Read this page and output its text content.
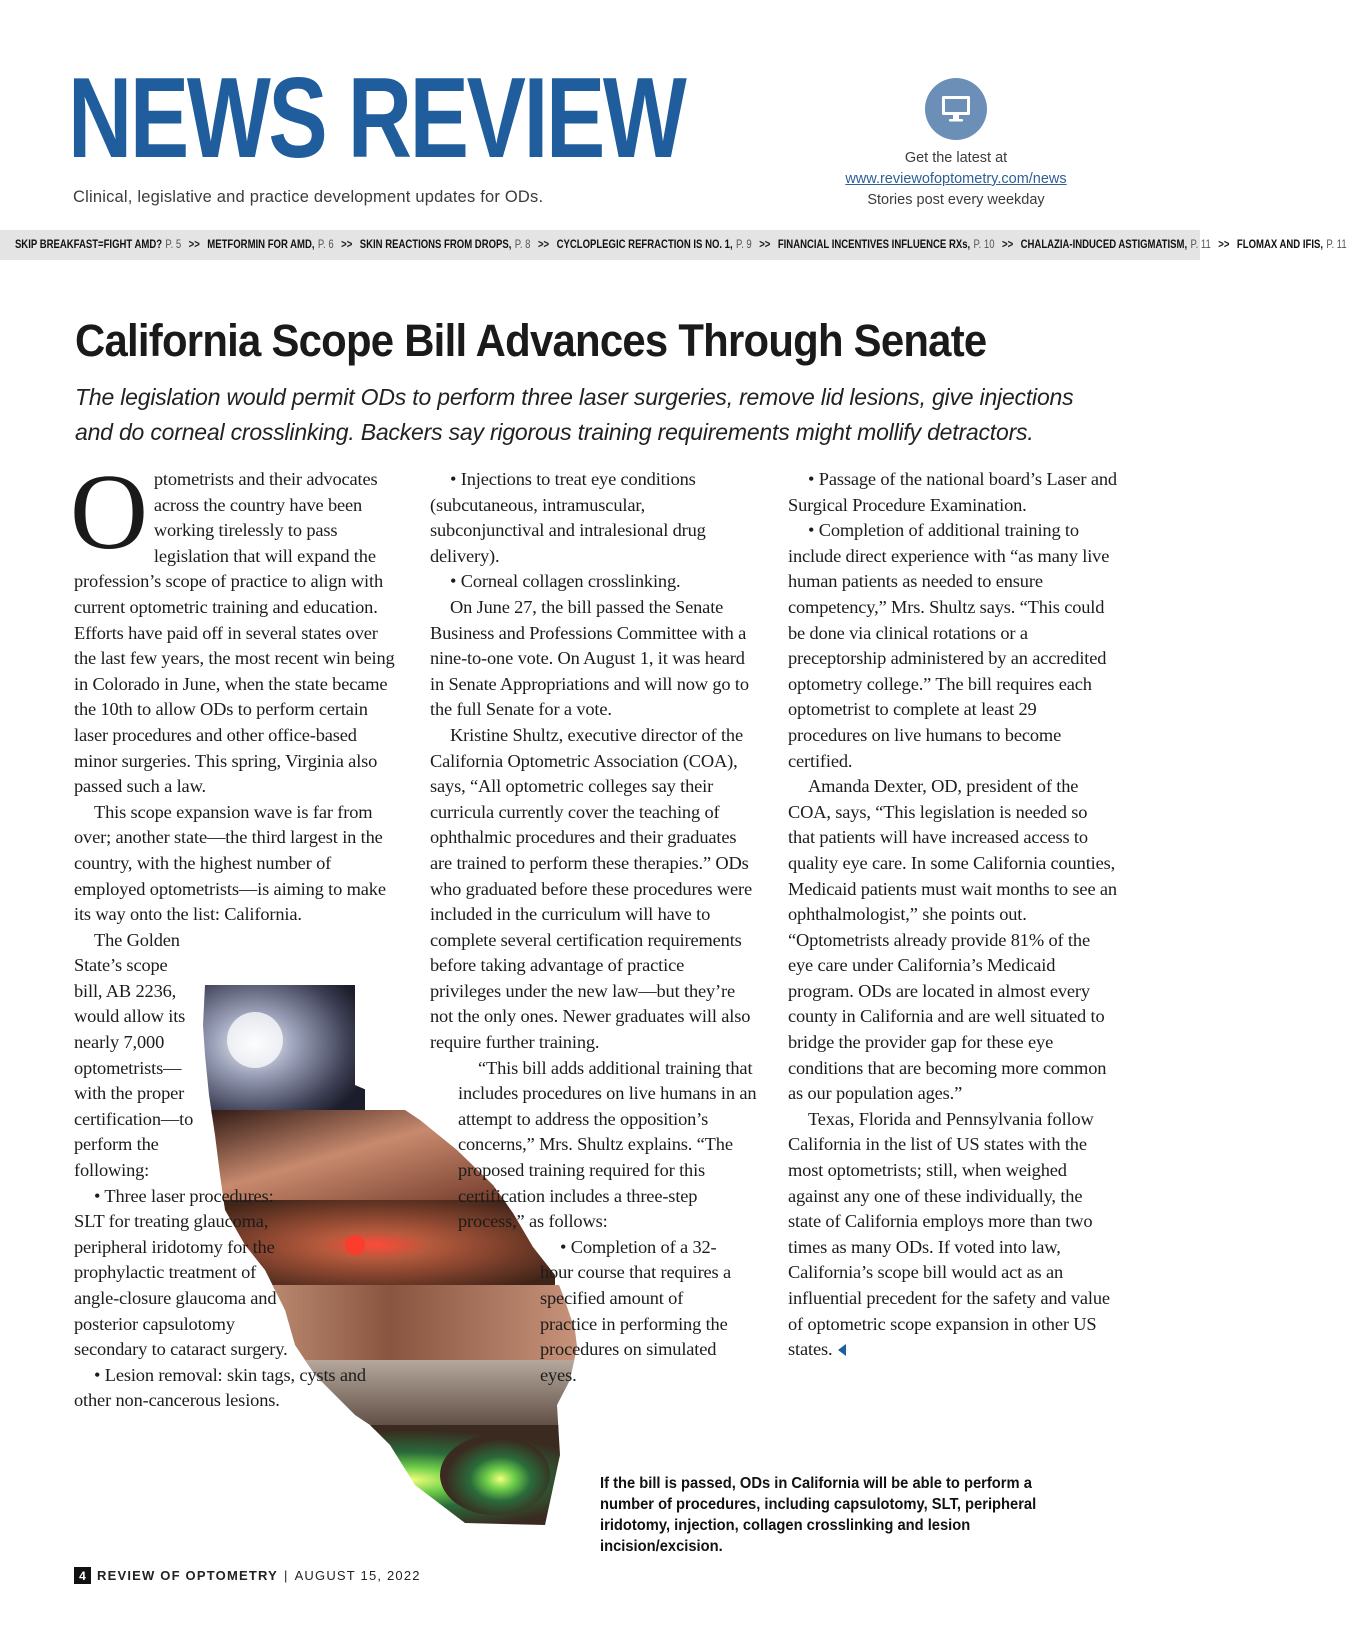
NEWS REVIEW
Clinical, legislative and practice development updates for ODs.
Get the latest at
www.reviewofoptometry.com/news
Stories post every weekday
SKIP BREAKFAST=FIGHT AMD? P. 5 >> METFORMIN FOR AMD, P. 6 >> SKIN REACTIONS FROM DROPS, P. 8 >> CYCLOPLEGIC REFRACTION IS NO. 1, P. 9 >> FINANCIAL INCENTIVES INFLUENCE RXs, P. 10 >> CHALAZIA-INDUCED ASTIGMATISM, P. 11 >> FLOMAX AND IFIS, P. 11
California Scope Bill Advances Through Senate
The legislation would permit ODs to perform three laser surgeries, remove lid lesions, give injections and do corneal crosslinking. Backers say rigorous training requirements might mollify detractors.

Optometrists and their advocates across the country have been working tirelessly to pass legislation that will expand the profession’s scope of practice to align with current optometric training and education. Efforts have paid off in several states over the last few years, the most recent win being in Colorado in June, when the state became the 10th to allow ODs to perform certain laser procedures and other office-based minor surgeries. This spring, Virginia also passed such a law.

This scope expansion wave is far from over; another state—the third largest in the country, with the highest number of employed optometrists—is aiming to make its way onto the list: California.

The Golden State’s scope bill, AB 2236, would allow its nearly 7,000 optometrists—with the proper certification—to perform the following:

• Three laser procedures: SLT for treating glaucoma, peripheral iridotomy for the prophylactic treatment of angle-closure glaucoma and posterior capsulotomy secondary to cataract surgery.

• Lesion removal: skin tags, cysts and other non-cancerous lesions.

• Injections to treat eye conditions (subcutaneous, intramuscular, subconjunctival and intralesional drug delivery).

• Corneal collagen crosslinking.

On June 27, the bill passed the Senate Business and Professions Committee with a nine-to-one vote. On August 1, it was heard in Senate Appropriations and will now go to the full Senate for a vote.

Kristine Shultz, executive director of the California Optometric Association (COA), says, “All optometric colleges say their curricula currently cover the teaching of ophthalmic procedures and their graduates are trained to perform these therapies.” ODs who graduated before these procedures were included in the curriculum will have to complete several certification requirements before taking advantage of practice privileges under the new law—but they’re not the only ones. Newer graduates will also require further training.

“This bill adds additional training that includes procedures on live humans in an attempt to address the opposition’s concerns,” Mrs. Shultz explains. “The proposed training required for this certification includes a three-step process,” as follows:

• Completion of a 32-hour course that requires a specified amount of practice in performing the procedures on simulated eyes.

• Passage of the national board’s Laser and Surgical Procedure Examination.

• Completion of additional training to include direct experience with “as many live human patients as needed to ensure competency,” Mrs. Shultz says. “This could be done via clinical rotations or a preceptorship administered by an accredited optometry college.” The bill requires each optometrist to complete at least 29 procedures on live humans to become certified.

Amanda Dexter, OD, president of the COA, says, “This legislation is needed so that patients will have increased access to quality eye care. In some California counties, Medicaid patients must wait months to see an ophthalmologist,” she points out. “Optometrists already provide 81% of the eye care under California’s Medicaid program. ODs are located in almost every county in California and are well situated to bridge the provider gap for these eye conditions that are becoming more common as our population ages.”

Texas, Florida and Pennsylvania follow California in the list of US states with the most optometrists; still, when weighed against any one of these individually, the state of California employs more than two times as many ODs. If voted into law, California’s scope bill would act as an influential precedent for the safety and value of optometric scope expansion in other US states.

If the bill is passed, ODs in California will be able to perform a number of procedures, including capsulotomy, SLT, peripheral iridotomy, injection, collagen crosslinking and lesion incision/excision.
4 REVIEW OF OPTOMETRY | AUGUST 15, 2022
